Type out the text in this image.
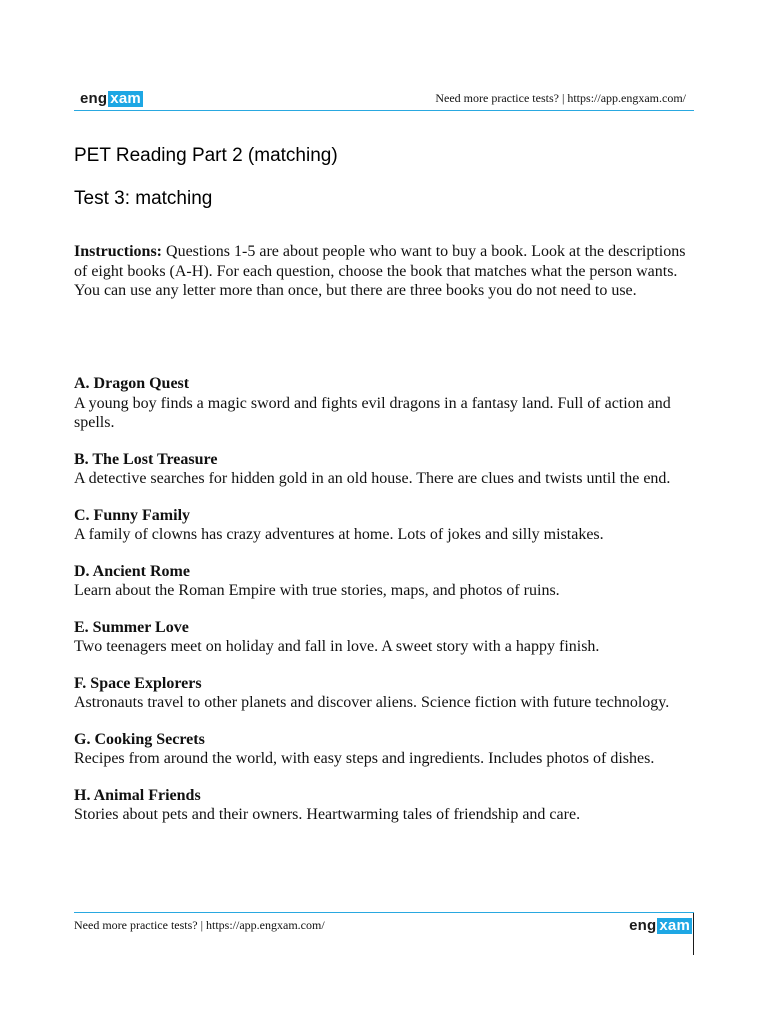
eng xam	Need more practice tests? | https://app.engxam.com/
PET Reading Part 2 (matching)
Test 3: matching
Instructions: Questions 1-5 are about people who want to buy a book. Look at the descriptions of eight books (A-H). For each question, choose the book that matches what the person wants. You can use any letter more than once, but there are three books you do not need to use.
A. Dragon Quest
A young boy finds a magic sword and fights evil dragons in a fantasy land. Full of action and spells.
B. The Lost Treasure
A detective searches for hidden gold in an old house. There are clues and twists until the end.
C. Funny Family
A family of clowns has crazy adventures at home. Lots of jokes and silly mistakes.
D. Ancient Rome
Learn about the Roman Empire with true stories, maps, and photos of ruins.
E. Summer Love
Two teenagers meet on holiday and fall in love. A sweet story with a happy finish.
F. Space Explorers
Astronauts travel to other planets and discover aliens. Science fiction with future technology.
G. Cooking Secrets
Recipes from around the world, with easy steps and ingredients. Includes photos of dishes.
H. Animal Friends
Stories about pets and their owners. Heartwarming tales of friendship and care.
Need more practice tests? | https://app.engxam.com/	eng xam
